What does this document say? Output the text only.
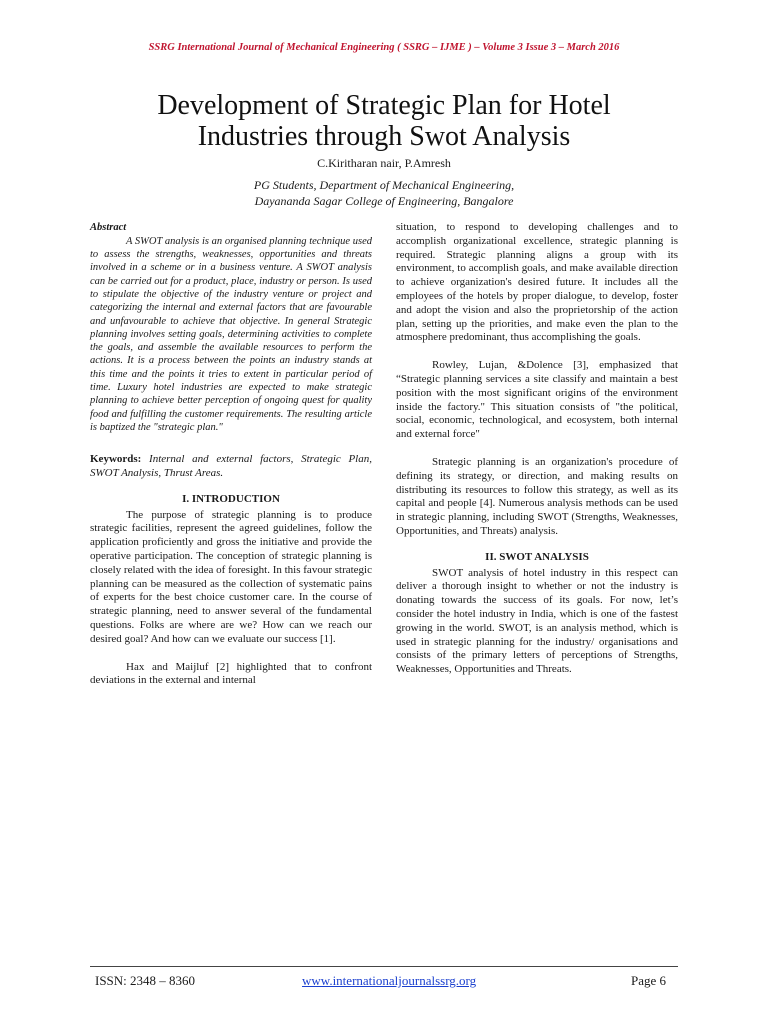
SSRG International Journal of Mechanical Engineering ( SSRG – IJME ) – Volume 3 Issue 3 – March 2016
Development of Strategic Plan for Hotel
Industries through Swot Analysis
C.Kiritharan nair, P.Amresh
PG Students, Department of Mechanical Engineering,
Dayananda Sagar College of Engineering, Bangalore

Abstract

A SWOT analysis is an organised planning technique used to assess the strengths, weaknesses, opportunities and threats involved in a scheme or in a business venture. A SWOT analysis can be carried out for a product, place, industry or person. Is used to stipulate the objective of the industry venture or project and categorizing the internal and external factors that are favourable and unfavourable to achieve that objective. In general Strategic planning involves setting goals, determining activities to complete the goals, and assemble the available resources to perform the actions. It is a process between the points an industry stands at this time and the points it tries to extent in particular period of time. Luxury hotel industries are expected to make strategic planning to achieve better perception of ongoing quest for quality food and fulfilling the customer requirements. The resulting article is baptized the "strategic plan."

Keywords: Internal and external factors, Strategic Plan, SWOT Analysis, Thrust Areas.

I. INTRODUCTION

The purpose of strategic planning is to produce strategic facilities, represent the agreed guidelines, follow the application proficiently and gross the initiative and provide the operative participation. The conception of strategic planning is closely related with the idea of foresight. In this favour strategic planning can be measured as the collection of systematic pains of experts for the best choice customer care. In the course of strategic planning, need to answer several of the fundamental questions. Folks are where are we? How can we reach our desired goal? And how can we evaluate our success [1].

Hax and Maijluf [2] highlighted that to confront deviations in the external and internal

situation, to respond to developing challenges and to accomplish organizational excellence, strategic planning is required. Strategic planning aligns a group with its environment, to accomplish goals, and make available direction to achieve organization's desired future. It includes all the employees of the hotels by proper dialogue, to develop, foster and adopt the vision and also the proprietorship of the action plan, setting up the priorities, and make even the plan to the atmosphere predominant, thus accomplishing the goals.

Rowley, Lujan, &Dolence [3], emphasized that “Strategic planning services a site classify and maintain a best position with the most significant origins of the environment inside the factory." This situation consists of "the political, social, economic, technological, and ecosystem, both internal and external force"

Strategic planning is an organization's procedure of defining its strategy, or direction, and making results on distributing its resources to follow this strategy, as well as its capital and people [4]. Numerous analysis methods can be used in strategic planning, including SWOT (Strengths, Weaknesses, Opportunities, and Threats) analysis.

II. SWOT ANALYSIS

SWOT analysis of hotel industry in this respect can deliver a thorough insight to whether or not the industry is donating towards the success of its goals. For now, let’s consider the hotel industry in India, which is one of the fastest growing in the world. SWOT, is an analysis method, which is used in strategic planning for the industry/ organisations and consists of the primary letters of perceptions of Strengths, Weaknesses, Opportunities and Threats.

ISSN: 2348 – 8360	www.internationaljournalssrg.org	Page 6
